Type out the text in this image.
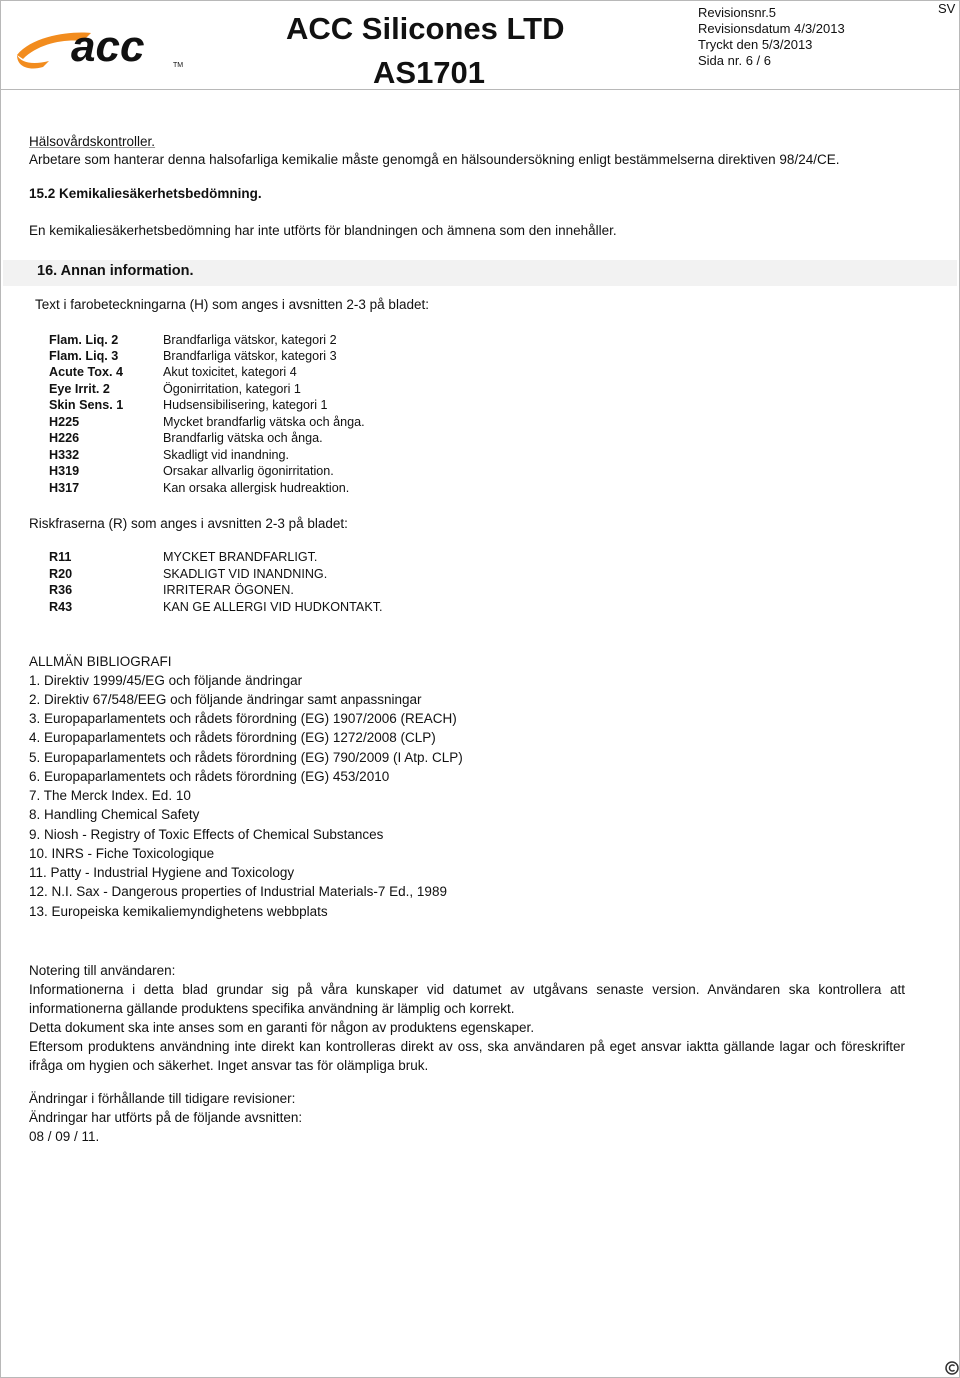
acc	TM
ACC Silicones LTD
AS1701
Revisionsnr.5
Revisionsdatum 4/3/2013
Tryckt den 5/3/2013
Sida nr. 6 / 6
SV
Hälsovårdskontroller.
Arbetare som hanterar denna halsofarliga kemikalie måste genomgå en hälsoundersökning enligt bestämmelserna direktiven 98/24/CE.
15.2 Kemikaliesäkerhetsbedömning.
En kemikaliesäkerhetsbedömning har inte utförts för blandningen och ämnena som den innehåller.
16. Annan information.
Text i farobeteckningarna (H) som anges i avsnitten 2-3 på bladet:
Flam. Liq. 2	Brandfarliga vätskor, kategori 2
Flam. Liq. 3	Brandfarliga vätskor, kategori 3
Acute Tox. 4	Akut toxicitet, kategori 4
Eye Irrit. 2	Ögonirritation, kategori 1
Skin Sens. 1	Hudsensibilisering, kategori 1
H225	Mycket brandfarlig vätska och ånga.
H226	Brandfarlig vätska och ånga.
H332	Skadligt vid inandning.
H319	Orsakar allvarlig ögonirritation.
H317	Kan orsaka allergisk hudreaktion.
Riskfraserna (R) som anges i avsnitten 2-3 på bladet:
R11	MYCKET BRANDFARLIGT.
R20	SKADLIGT VID INANDNING.
R36	IRRITERAR ÖGONEN.
R43	KAN GE ALLERGI VID HUDKONTAKT.
ALLMÄN BIBLIOGRAFI
1. Direktiv 1999/45/EG och följande ändringar
2. Direktiv 67/548/EEG och följande ändringar samt anpassningar
3. Europaparlamentets och rådets förordning (EG) 1907/2006 (REACH)
4. Europaparlamentets och rådets förordning (EG) 1272/2008 (CLP)
5. Europaparlamentets och rådets förordning (EG) 790/2009 (I Atp. CLP)
6. Europaparlamentets och rådets förordning (EG) 453/2010
7. The Merck Index. Ed. 10
8. Handling Chemical Safety
9. Niosh - Registry of Toxic Effects of Chemical Substances
10. INRS - Fiche Toxicologique
11. Patty - Industrial Hygiene and Toxicology
12. N.I. Sax - Dangerous properties of Industrial Materials-7 Ed., 1989
13. Europeiska kemikaliemyndighetens webbplats

Notering till användaren:

Informationerna i detta blad grundar sig på våra kunskaper vid datumet av utgåvans senaste version. Användaren ska kontrollera att informationerna gällande produktens specifika användning är lämplig och korrekt.

Detta dokument ska inte anses som en garanti för någon av produktens egenskaper.

Eftersom produktens användning inte direkt kan kontrolleras direkt av oss, ska användaren på eget ansvar iaktta gällande lagar och föreskrifter ifråga om hygien och säkerhet. Inget ansvar tas för olämpliga bruk.

Ändringar i förhållande till tidigare revisioner:

Ändringar har utförts på de följande avsnitten:

08 / 09 / 11.
